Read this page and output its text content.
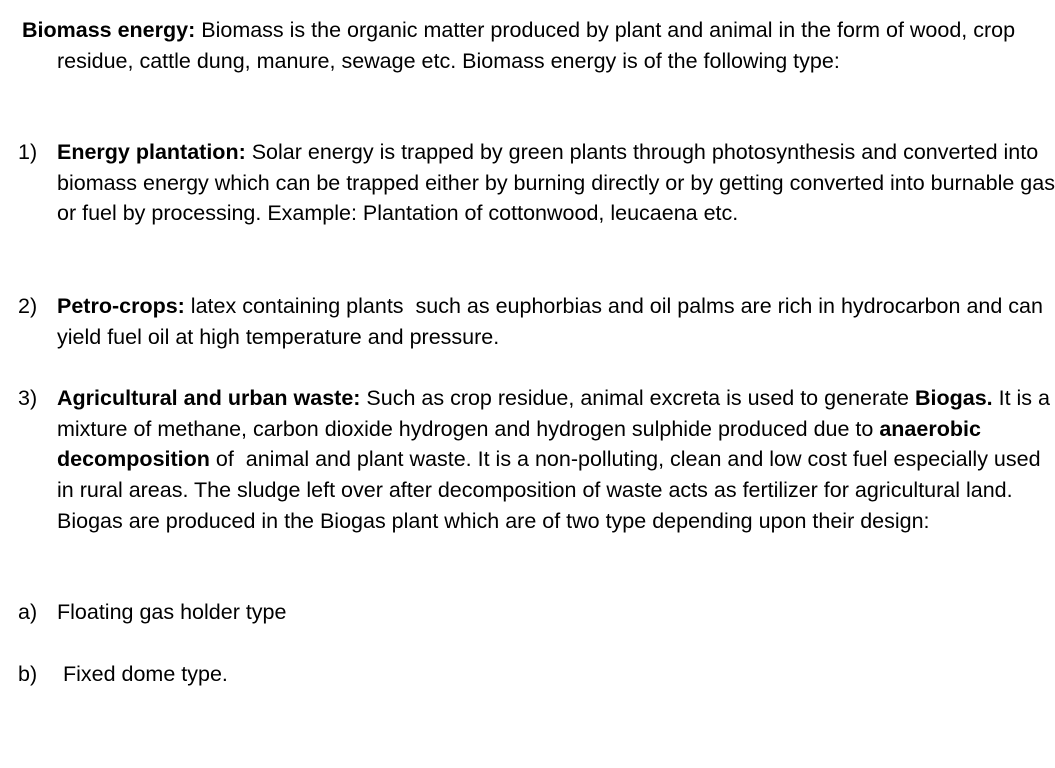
Biomass energy: Biomass is the organic matter produced by plant and animal in the form of wood, crop residue, cattle dung, manure, sewage etc. Biomass energy is of the following type:

1) Energy plantation: Solar energy is trapped by green plants through photosynthesis and converted into biomass energy which can be trapped either by burning directly or by getting converted into burnable gas or fuel by processing. Example: Plantation of cottonwood, leucaena etc.

2) Petro-crops: latex containing plants  such as euphorbias and oil palms are rich in hydrocarbon and can yield fuel oil at high temperature and pressure.

3) Agricultural and urban waste: Such as crop residue, animal excreta is used to generate Biogas. It is a mixture of methane, carbon dioxide hydrogen and hydrogen sulphide produced due to anaerobic decomposition of  animal and plant waste. It is a non-polluting, clean and low cost fuel especially used in rural areas. The sludge left over after decomposition of waste acts as fertilizer for agricultural land. Biogas are produced in the Biogas plant which are of two type depending upon their design:

a) Floating gas holder type

b) Fixed dome type.
